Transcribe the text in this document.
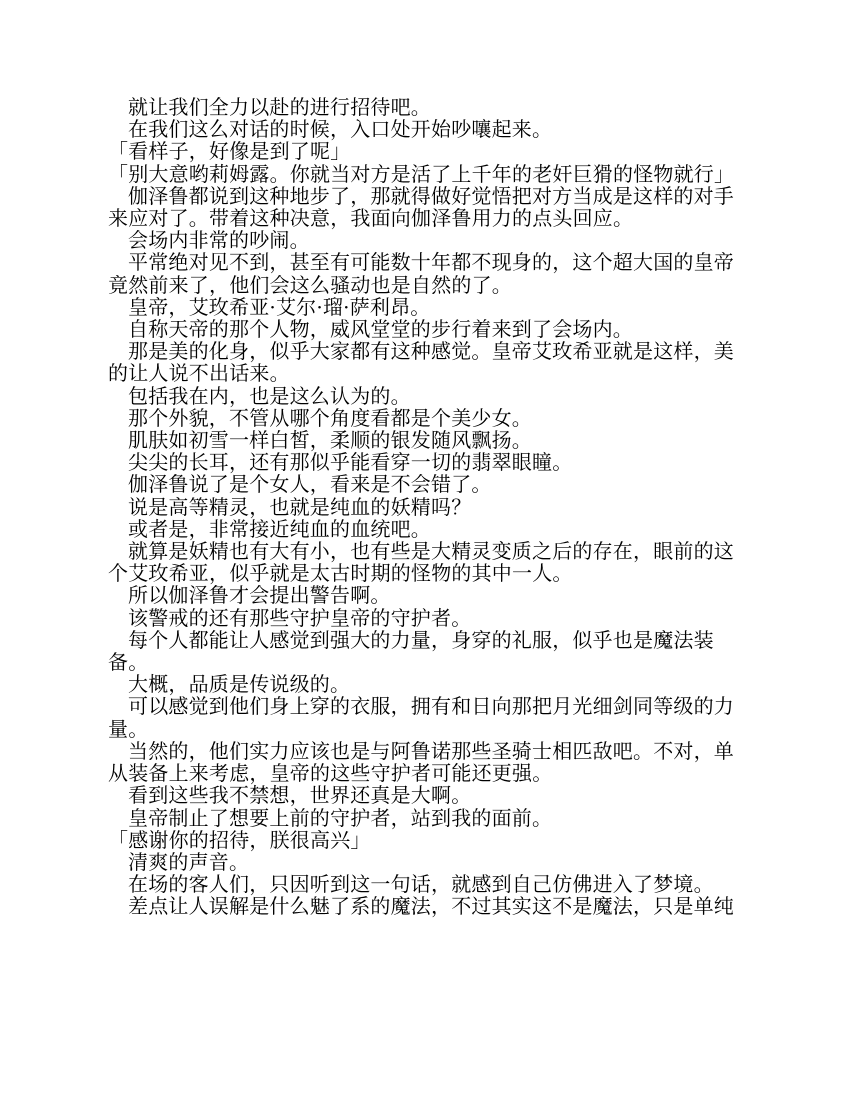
就让我们全力以赴的进行招待吧。

在我们这么对话的时候，入口处开始吵嚷起来。

「看样子，好像是到了呢」

「别大意哟莉姆露。你就当对方是活了上千年的老奸巨猾的怪物就行」

伽泽鲁都说到这种地步了，那就得做好觉悟把对方当成是这样的对手来应对了。带着这种决意，我面向伽泽鲁用力的点头回应。

会场内非常的吵闹。

平常绝对见不到，甚至有可能数十年都不现身的，这个超大国的皇帝竟然前来了，他们会这么骚动也是自然的了。

皇帝，艾玫希亚·艾尔·瑠·萨利昂。

自称天帝的那个人物，威风堂堂的步行着来到了会场内。

那是美的化身，似乎大家都有这种感觉。皇帝艾玫希亚就是这样，美的让人说不出话来。

包括我在内，也是这么认为的。

那个外貌，不管从哪个角度看都是个美少女。

肌肤如初雪一样白皙，柔顺的银发随风飘扬。

尖尖的长耳，还有那似乎能看穿一切的翡翠眼瞳。

伽泽鲁说了是个女人，看来是不会错了。

说是高等精灵，也就是纯血的妖精吗？

或者是，非常接近纯血的血统吧。

就算是妖精也有大有小，也有些是大精灵变质之后的存在，眼前的这个艾玫希亚，似乎就是太古时期的怪物的其中一人。

所以伽泽鲁才会提出警告啊。

该警戒的还有那些守护皇帝的守护者。

每个人都能让人感觉到强大的力量，身穿的礼服，似乎也是魔法装备。

大概，品质是传说级的。

可以感觉到他们身上穿的衣服，拥有和日向那把月光细剑同等级的力量。

当然的，他们实力应该也是与阿鲁诺那些圣骑士相匹敌吧。不对，单从装备上来考虑，皇帝的这些守护者可能还更强。

看到这些我不禁想，世界还真是大啊。

皇帝制止了想要上前的守护者，站到我的面前。

「感谢你的招待，朕很高兴」

清爽的声音。

在场的客人们，只因听到这一句话，就感到自己仿佛进入了梦境。

差点让人误解是什么魅了系的魔法，不过其实这不是魔法，只是单纯
